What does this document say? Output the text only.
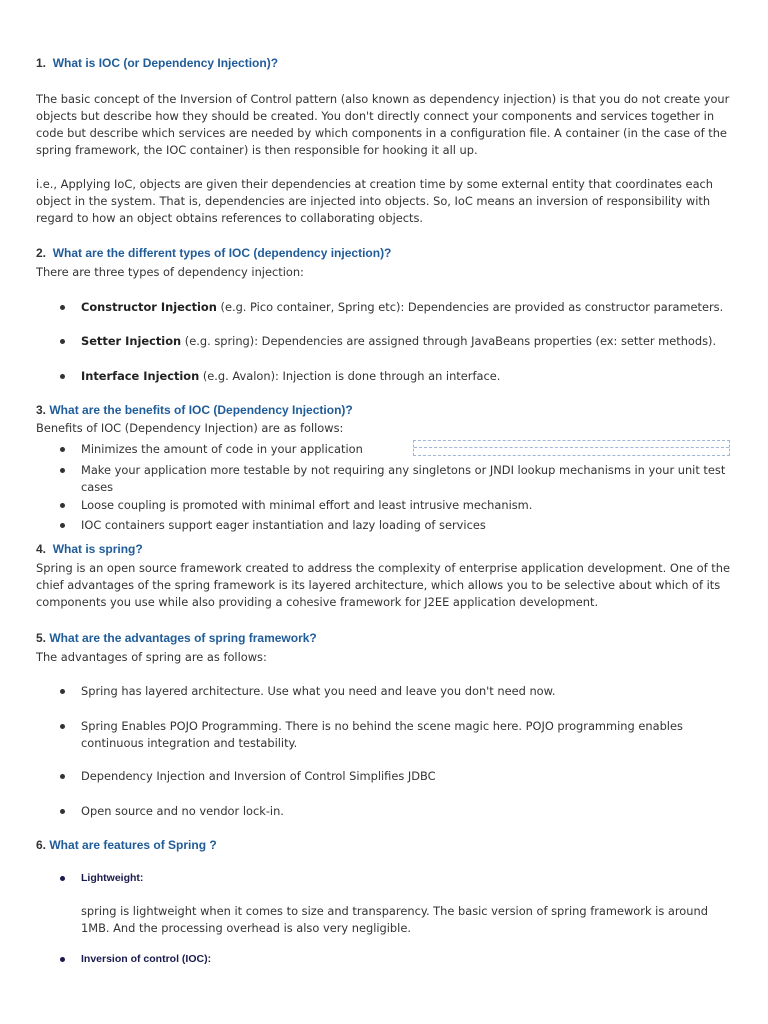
1. What is IOC (or Dependency Injection)?
The basic concept of the Inversion of Control pattern (also known as dependency injection) is that you do not create your objects but describe how they should be created. You don't directly connect your components and services together in code but describe which services are needed by which components in a configuration file. A container (in the case of the spring framework, the IOC container) is then responsible for hooking it all up.
i.e., Applying IoC, objects are given their dependencies at creation time by some external entity that coordinates each object in the system. That is, dependencies are injected into objects. So, IoC means an inversion of responsibility with regard to how an object obtains references to collaborating objects.
2. What are the different types of IOC (dependency injection)?
There are three types of dependency injection:
Constructor Injection (e.g. Pico container, Spring etc): Dependencies are provided as constructor parameters.
Setter Injection (e.g. spring): Dependencies are assigned through JavaBeans properties (ex: setter methods).
Interface Injection (e.g. Avalon): Injection is done through an interface.
3. What are the benefits of IOC (Dependency Injection)?
Benefits of IOC (Dependency Injection) are as follows:
Minimizes the amount of code in your application
Make your application more testable by not requiring any singletons or JNDI lookup mechanisms in your unit test cases
Loose coupling is promoted with minimal effort and least intrusive mechanism.
IOC containers support eager instantiation and lazy loading of services
4. What is spring?
Spring is an open source framework created to address the complexity of enterprise application development. One of the chief advantages of the spring framework is its layered architecture, which allows you to be selective about which of its components you use while also providing a cohesive framework for J2EE application development.
5. What are the advantages of spring framework?
The advantages of spring are as follows:
Spring has layered architecture. Use what you need and leave you don't need now.
Spring Enables POJO Programming. There is no behind the scene magic here. POJO programming enables continuous integration and testability.
Dependency Injection and Inversion of Control Simplifies JDBC
Open source and no vendor lock-in.
6. What are features of Spring ?
Lightweight:
spring is lightweight when it comes to size and transparency. The basic version of spring framework is around 1MB. And the processing overhead is also very negligible.
Inversion of control (IOC):
